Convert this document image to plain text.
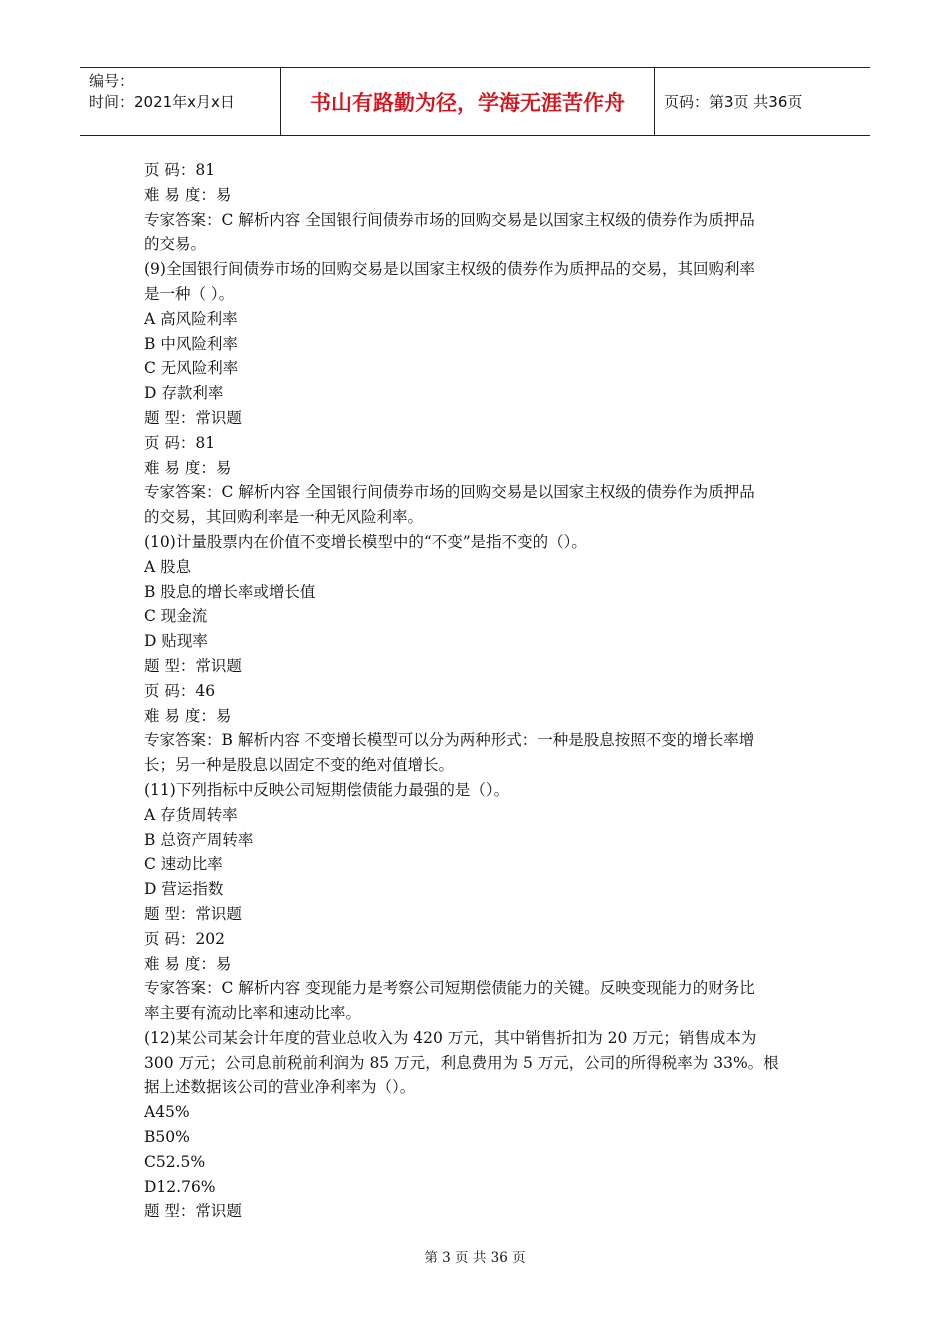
编号：
时间：2021年x月x日	书山有路勤为径，学海无涯苦作舟	页码：第3页 共36页
页 码：81
难 易 度：易
专家答案：C 解析内容 全国银行间债券市场的回购交易是以国家主权级的债券作为质押品
的交易。
(9)全国银行间债券市场的回购交易是以国家主权级的债券作为质押品的交易，其回购利率
是一种（ ）。
A 高风险利率
B 中风险利率
C 无风险利率
D 存款利率
题 型：常识题
页 码：81
难 易 度：易
专家答案：C 解析内容 全国银行间债券市场的回购交易是以国家主权级的债券作为质押品
的交易，其回购利率是一种无风险利率。
(10)计量股票内在价值不变增长模型中的“不变”是指不变的（）。
A 股息
B 股息的增长率或增长值
C 现金流
D 贴现率
题 型：常识题
页 码：46
难 易 度：易
专家答案：B 解析内容 不变增长模型可以分为两种形式：一种是股息按照不变的增长率增
长；另一种是股息以固定不变的绝对值增长。
(11)下列指标中反映公司短期偿债能力最强的是（）。
A 存货周转率
B 总资产周转率
C 速动比率
D 营运指数
题 型：常识题
页 码：202
难 易 度：易
专家答案：C 解析内容 变现能力是考察公司短期偿债能力的关键。反映变现能力的财务比
率主要有流动比率和速动比率。
(12)某公司某会计年度的营业总收入为 420 万元，其中销售折扣为 20 万元；销售成本为
300 万元；公司息前税前利润为 85 万元，利息费用为 5 万元，公司的所得税率为 33%。根
据上述数据该公司的营业净利率为（）。
A45%
B50%
C52.5%
D12.76%
题 型：常识题
第 3 页 共 36 页
